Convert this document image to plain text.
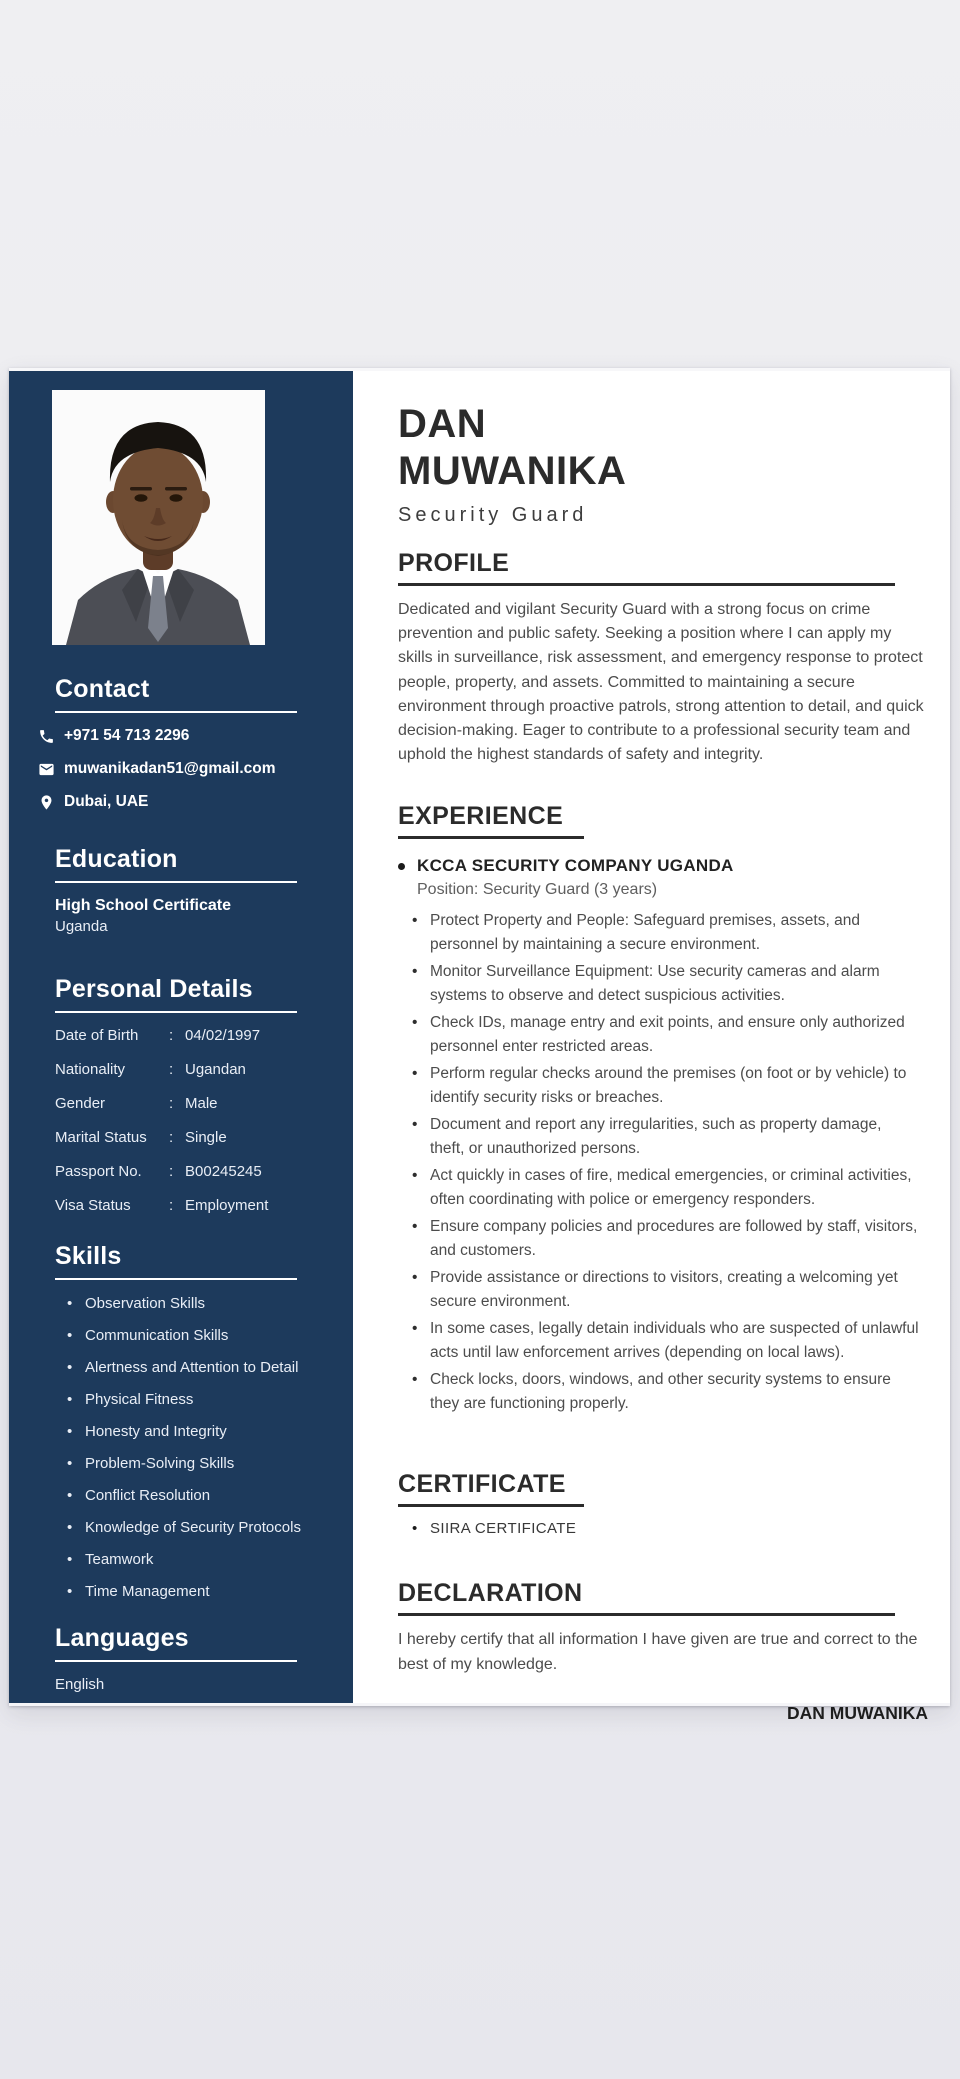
Contact
+971 54 713 2296
muwanikadan51@gmail.com
Dubai, UAE
Education
High School Certificate
Uganda
Personal Details
Date of Birth	: 04/02/1997
Nationality	: Ugandan
Gender	: Male
Marital Status	: Single
Passport No.	: B00245245
Visa Status	: Employment
Skills
• Observation Skills
• Communication Skills
• Alertness and Attention to Detail
• Physical Fitness
• Honesty and Integrity
• Problem-Solving Skills
• Conflict Resolution
• Knowledge of Security Protocols
• Teamwork
• Time Management
Languages
English
DAN MUWANIKA
Security Guard
PROFILE

Dedicated and vigilant Security Guard with a strong focus on crime prevention and public safety. Seeking a position where I can apply my skills in surveillance, risk assessment, and emergency response to protect people, property, and assets. Committed to maintaining a secure environment through proactive patrols, strong attention to detail, and quick decision-making. Eager to contribute to a professional security team and uphold the highest standards of safety and integrity.

EXPERIENCE
KCCA SECURITY COMPANY UGANDA
Position: Security Guard (3 years)
• Protect Property and People: Safeguard premises, assets, and personnel by maintaining a secure environment.
• Monitor Surveillance Equipment: Use security cameras and alarm systems to observe and detect suspicious activities.
• Check IDs, manage entry and exit points, and ensure only authorized personnel enter restricted areas.
• Perform regular checks around the premises (on foot or by vehicle) to identify security risks or breaches.
• Document and report any irregularities, such as property damage, theft, or unauthorized persons.
• Act quickly in cases of fire, medical emergencies, or criminal activities, often coordinating with police or emergency responders.
• Ensure company policies and procedures are followed by staff, visitors, and customers.
• Provide assistance or directions to visitors, creating a welcoming yet secure environment.
• In some cases, legally detain individuals who are suspected of unlawful acts until law enforcement arrives (depending on local laws).
• Check locks, doors, windows, and other security systems to ensure they are functioning properly.
CERTIFICATE
• SIIRA CERTIFICATE
DECLARATION

I hereby certify that all information I have given are true and correct to the best of my knowledge.

DAN MUWANIKA
